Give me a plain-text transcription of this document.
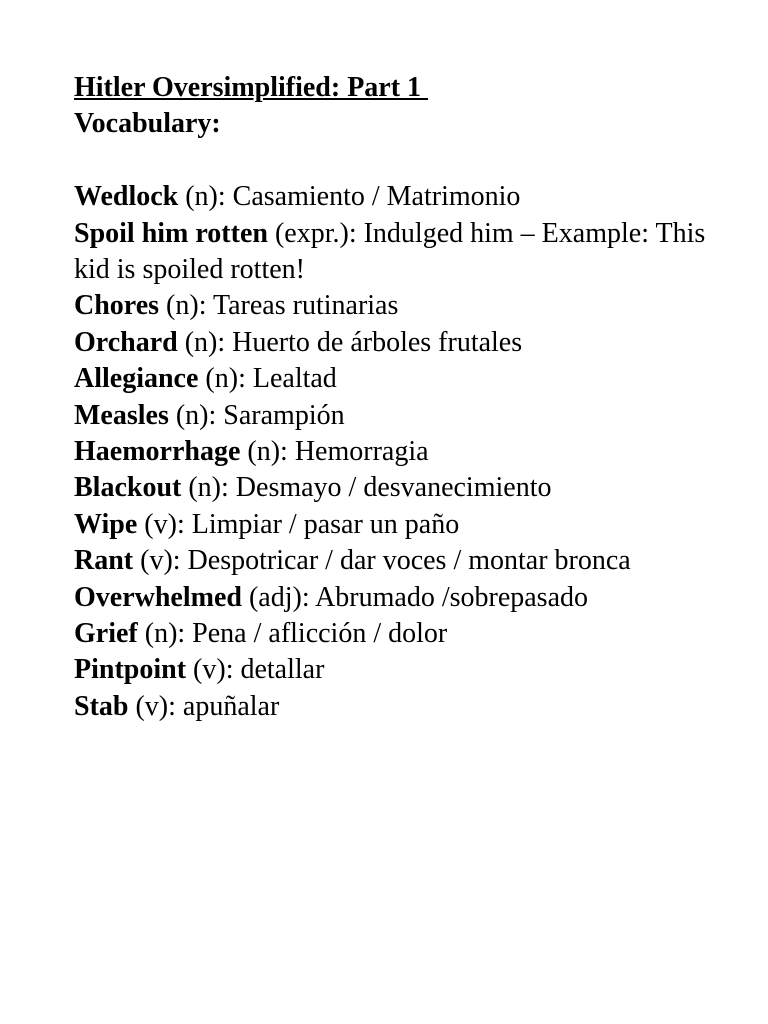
Hitler Oversimplified: Part 1
Vocabulary:
Wedlock (n): Casamiento / Matrimonio
Spoil him rotten (expr.): Indulged him – Example: This kid is spoiled rotten!
Chores (n): Tareas rutinarias
Orchard (n): Huerto de árboles frutales
Allegiance (n): Lealtad
Measles (n): Sarampión
Haemorrhage (n): Hemorragia
Blackout (n): Desmayo / desvanecimiento
Wipe (v): Limpiar / pasar un paño
Rant (v): Despotricar / dar voces / montar bronca
Overwhelmed (adj): Abrumado /sobrepasado
Grief (n): Pena / aflicción / dolor
Pintpoint (v): detallar
Stab (v): apuñalar
